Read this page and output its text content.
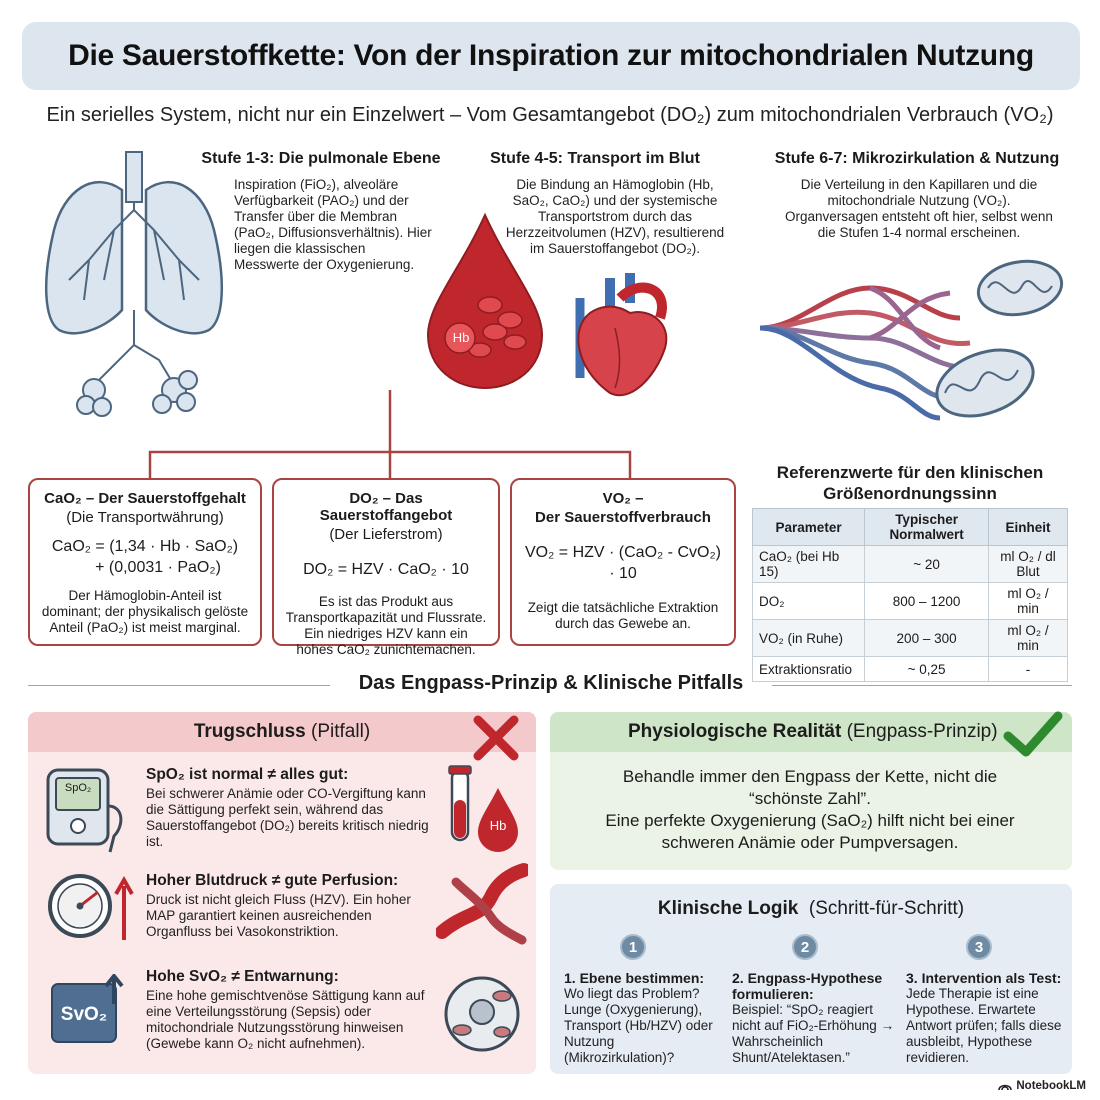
Die Sauerstoffkette: Von der Inspiration zur mitochondrialen Nutzung
Ein serielles System, nicht nur ein Einzelwert – Vom Gesamtangebot (DO₂) zum mitochondrialen Verbrauch (VO₂)
Stufe 1-3: Die pulmonale Ebene
Inspiration (FiO₂), alveoläre Verfügbarkeit (PAO₂) und der Transfer über die Membran (PaO₂, Diffusionsverhältnis). Hier liegen die klassischen Messwerte der Oxygenierung.
Stufe 4-5: Transport im Blut
Die Bindung an Hämoglobin (Hb, SaO₂, CaO₂) und der systemische Transportstrom durch das Herzzeitvolumen (HZV), resultierend im Sauerstoffangebot (DO₂).
Stufe 6-7: Mikrozirkulation & Nutzung
Die Verteilung in den Kapillaren und die mitochondriale Nutzung (VO₂). Organversagen entsteht oft hier, selbst wenn die Stufen 1-4 normal erscheinen.
Hb
CaO₂ – Der Sauerstoffgehalt
(Die Transportwährung)
CaO₂ = (1,34 · Hb · SaO₂)
+ (0,0031 · PaO₂)
Der Hämoglobin-Anteil ist dominant; der physikalisch gelöste Anteil (PaO₂) ist meist marginal.
DO₂ – Das Sauerstoffangebot
(Der Lieferstrom)
DO₂ = HZV · CaO₂ · 10
Es ist das Produkt aus Transportkapazität und Flussrate. Ein niedriges HZV kann ein hohes CaO₂ zunichtemachen.
VO₂ –
Der Sauerstoffverbrauch
VO₂ = HZV · (CaO₂ - CvO₂) · 10
Zeigt die tatsächliche Extraktion durch das Gewebe an.
Referenzwerte für den klinischen Größenordnungssinn
Parameter	Typischer Normalwert	Einheit
CaO₂ (bei Hb 15)	~ 20	ml O₂ / dl Blut
DO₂	800 – 1200	ml O₂ / min
VO₂ (in Ruhe)	200 – 300	ml O₂ / min
Extraktionsratio	~ 0,25	-
Das Engpass-Prinzip & Klinische Pitfalls
Trugschluss (Pitfall)
SpO₂
Hb
SvO₂
SpO₂ ist normal ≠ alles gut:
Bei schwerer Anämie oder CO-Vergiftung kann die Sättigung perfekt sein, während das Sauerstoffangebot (DO₂) bereits kritisch niedrig ist.
Hoher Blutdruck ≠ gute Perfusion:
Druck ist nicht gleich Fluss (HZV). Ein hoher MAP garantiert keinen ausreichenden Organfluss bei Vasokonstriktion.
Hohe SvO₂ ≠ Entwarnung:
Eine hohe gemischtvenöse Sättigung kann auf eine Verteilungsstörung (Sepsis) oder mitochondriale Nutzungsstörung hinweisen (Gewebe kann O₂ nicht aufnehmen).
Physiologische Realität (Engpass-Prinzip)
Behandle immer den Engpass der Kette, nicht die
“schönste Zahl”.
Eine perfekte Oxygenierung (SaO₂) hilft nicht bei einer
schweren Anämie oder Pumpversagen.
Klinische Logik  (Schritt-für-Schritt)
1	2	3
1. Ebene bestimmen:
Wo liegt das Problem? Lunge (Oxygenierung), Transport (Hb/HZV) oder Nutzung (Mikrozirkulation)?
2. Engpass-Hypothese formulieren:
Beispiel: “SpO₂ reagiert nicht auf FiO₂-Erhöhung → Wahrscheinlich Shunt/Atelektasen.”
3. Intervention als Test:
Jede Therapie ist eine Hypothese. Erwartete Antwort prüfen; falls diese ausbleibt, Hypothese revidieren.
NotebookLM
